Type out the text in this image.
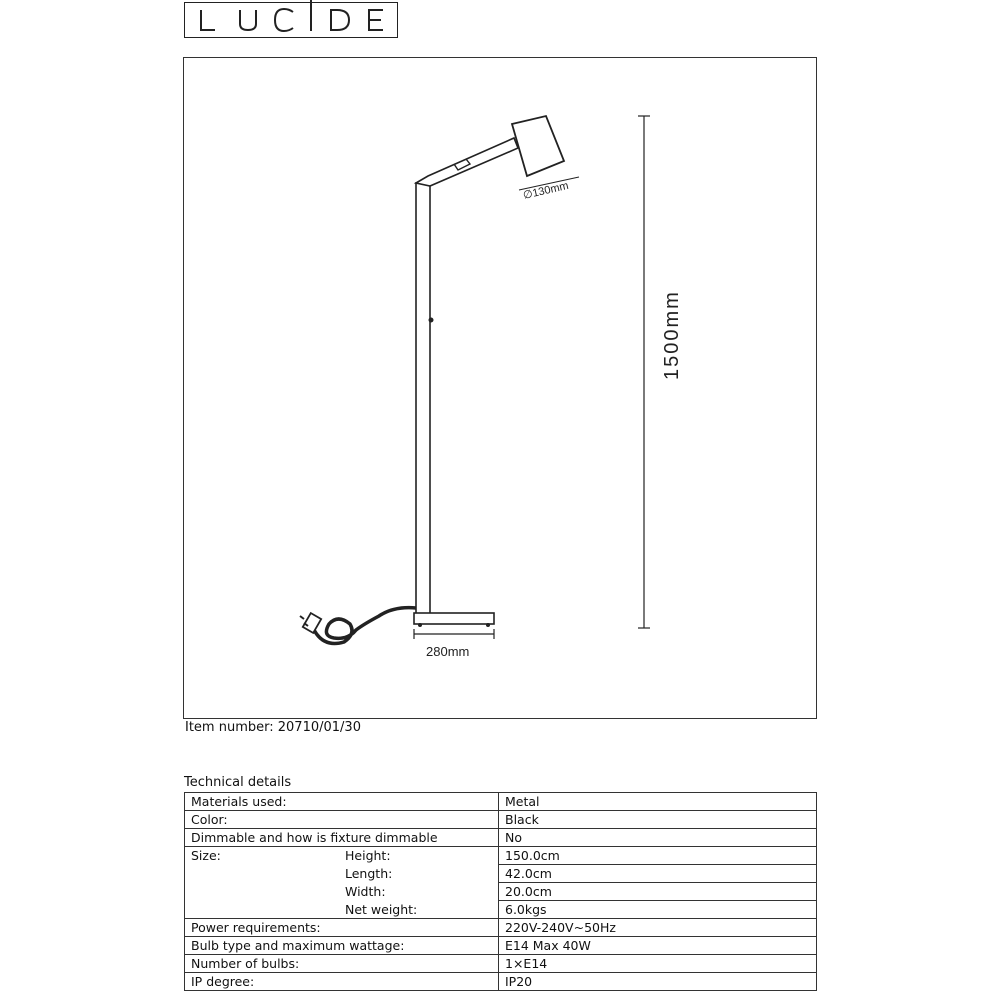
∅130mm
1500mm
280mm
Item number: 20710/01/30
Technical details
Materials used:	Metal
Color:	Black
Dimmable and how is fixture dimmable	No
Size: Height:	150.0cm
Length:	42.0cm
Width:	20.0cm
Net weight:	6.0kgs
Power requirements:	220V-240V~50Hz
Bulb type and maximum wattage:	E14 Max 40W
Number of bulbs:	1×E14
IP degree:	IP20
